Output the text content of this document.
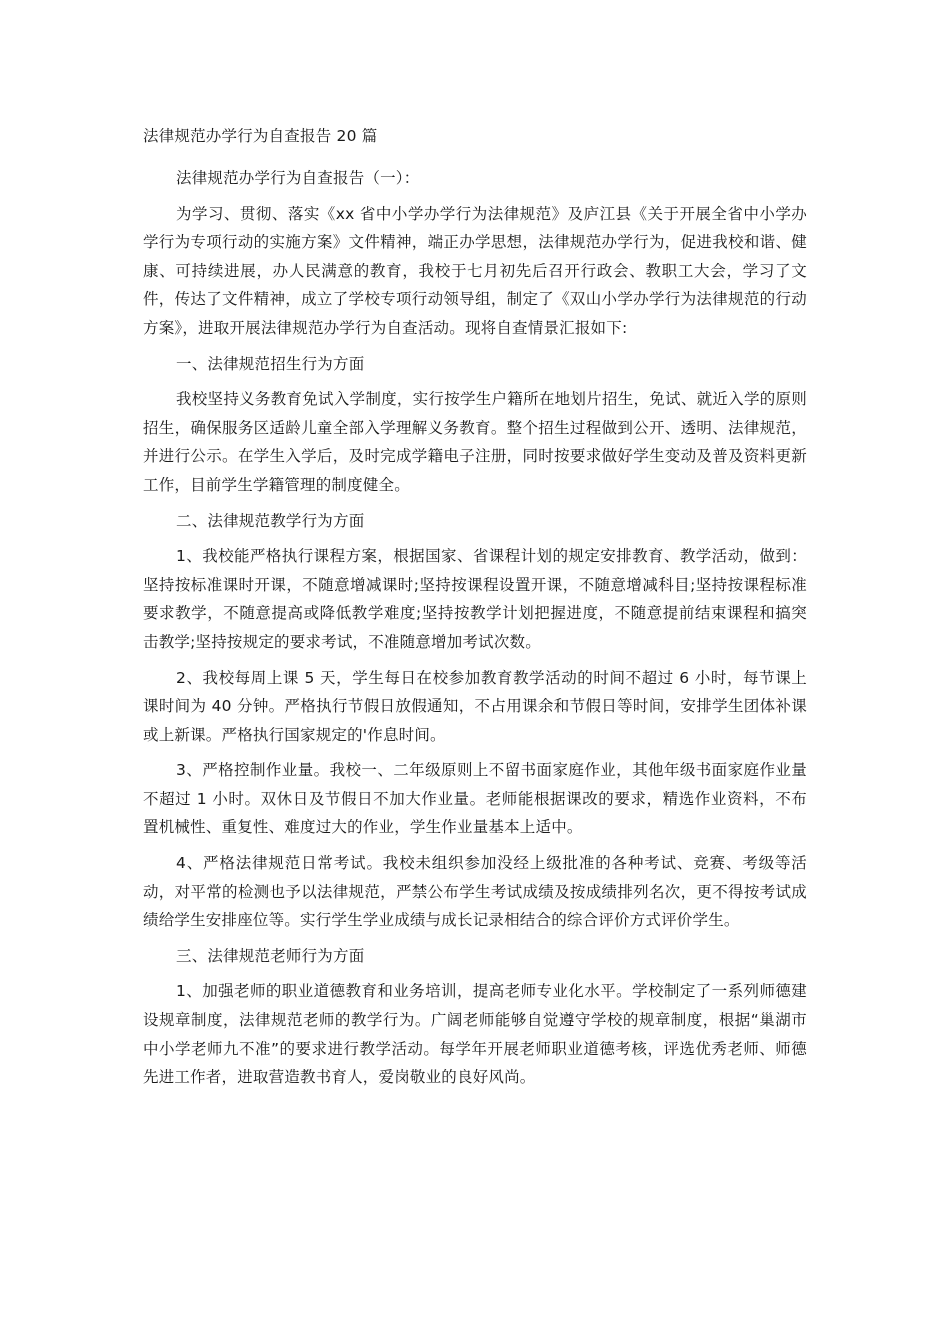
法律规范办学行为自查报告 20 篇

法律规范办学行为自查报告（一）：

为学习、贯彻、落实《xx 省中小学办学行为法律规范》及庐江县《关于开展全省中小学办学行为专项行动的实施方案》文件精神，端正办学思想，法律规范办学行为，促进我校和谐、健康、可持续进展，办人民满意的教育，我校于七月初先后召开行政会、教职工大会，学习了文件，传达了文件精神，成立了学校专项行动领导组，制定了《双山小学办学行为法律规范的行动方案》，进取开展法律规范办学行为自查活动。现将自查情景汇报如下:

一、法律规范招生行为方面

我校坚持义务教育免试入学制度，实行按学生户籍所在地划片招生，免试、就近入学的原则招生，确保服务区适龄儿童全部入学理解义务教育。整个招生过程做到公开、透明、法律规范，并进行公示。在学生入学后，及时完成学籍电子注册，同时按要求做好学生变动及普及资料更新工作，目前学生学籍管理的制度健全。

二、法律规范教学行为方面

1、我校能严格执行课程方案，根据国家、省课程计划的规定安排教育、教学活动，做到：坚持按标准课时开课，不随意增减课时;坚持按课程设置开课，不随意增减科目;坚持按课程标准要求教学，不随意提高或降低教学难度;坚持按教学计划把握进度，不随意提前结束课程和搞突击教学;坚持按规定的要求考试，不准随意增加考试次数。

2、我校每周上课 5 天，学生每日在校参加教育教学活动的时间不超过 6 小时，每节课上课时间为 40 分钟。严格执行节假日放假通知，不占用课余和节假日等时间，安排学生团体补课或上新课。严格执行国家规定的'作息时间。

3、严格控制作业量。我校一、二年级原则上不留书面家庭作业，其他年级书面家庭作业量不超过 1 小时。双休日及节假日不加大作业量。老师能根据课改的要求，精选作业资料，不布置机械性、重复性、难度过大的作业，学生作业量基本上适中。

4、严格法律规范日常考试。我校未组织参加没经上级批准的各种考试、竞赛、考级等活动，对平常的检测也予以法律规范，严禁公布学生考试成绩及按成绩排列名次，更不得按考试成绩给学生安排座位等。实行学生学业成绩与成长记录相结合的综合评价方式评价学生。

三、法律规范老师行为方面

1、加强老师的职业道德教育和业务培训，提高老师专业化水平。学校制定了一系列师德建设规章制度，法律规范老师的教学行为。广阔老师能够自觉遵守学校的规章制度，根据“巢湖市中小学老师九不准”的要求进行教学活动。每学年开展老师职业道德考核，评选优秀老师、师德先进工作者，进取营造教书育人，爱岗敬业的良好风尚。
